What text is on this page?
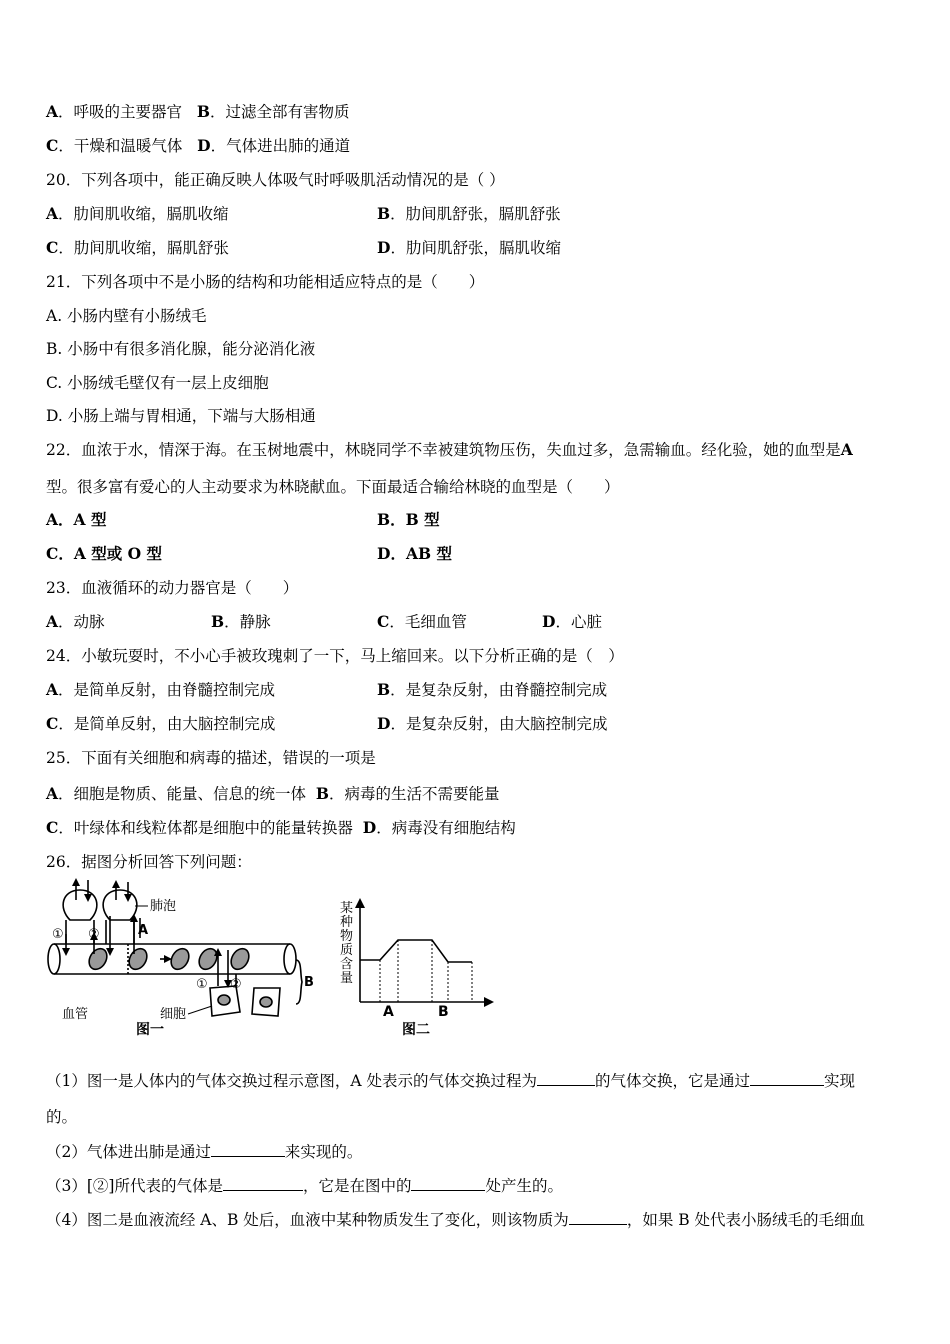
A．呼吸的主要器官 B．过滤全部有害物质
C．干燥和温暖气体 D．气体进出肺的通道
20．下列各项中，能正确反映人体吸气时呼吸肌活动情况的是（ ）
A．肋间肌收缩，膈肌收缩	B．肋间肌舒张，膈肌舒张
C．肋间肌收缩，膈肌舒张	D．肋间肌舒张，膈肌收缩
21．下列各项中不是小肠的结构和功能相适应特点的是（　　）
A. 小肠内壁有小肠绒毛
B. 小肠中有很多消化腺，能分泌消化液
C. 小肠绒毛壁仅有一层上皮细胞
D. 小肠上端与胃相通，下端与大肠相通
22．血浓于水，情深于海。在玉树地震中，林晓同学不幸被建筑物压伤，失血过多，急需输血。经化验，她的血型是A
型。很多富有爱心的人主动要求为林晓献血。下面最适合输给林晓的血型是（　　）
A．A 型	B．B 型
C．A 型或 O 型	D．AB 型
23．血液循环的动力器官是（　　）
A．动脉	B．静脉	C．毛细血管	D．心脏
24．小敏玩耍时，不小心手被玫瑰刺了一下，马上缩回来。以下分析正确的是（　）
A．是简单反射，由脊髓控制完成	B．是复杂反射，由脊髓控制完成
C．是简单反射，由大脑控制完成	D．是复杂反射，由大脑控制完成
25．下面有关细胞和病毒的描述，错误的一项是
A．细胞是物质、能量、信息的统一体 B．病毒的生活不需要能量
C．叶绿体和线粒体都是细胞中的能量转换器 D．病毒没有细胞结构
26．据图分析回答下列问题：
肺泡
A
① ②
① ②	B
血管	细胞
图一
某
种
物
质
含
量
A	B
图二
（1）图一是人体内的气体交换过程示意图，A 处表示的气体交换过程为	的气体交换，它是通过	实现
的。
（2）气体进出肺是通过	来实现的。
（3）[②]所代表的气体是	，它是在图中的	处产生的。
（4）图二是血液流经 A、B 处后，血液中某种物质发生了变化，则该物质为	，如果 B 处代表小肠绒毛的毛细血
